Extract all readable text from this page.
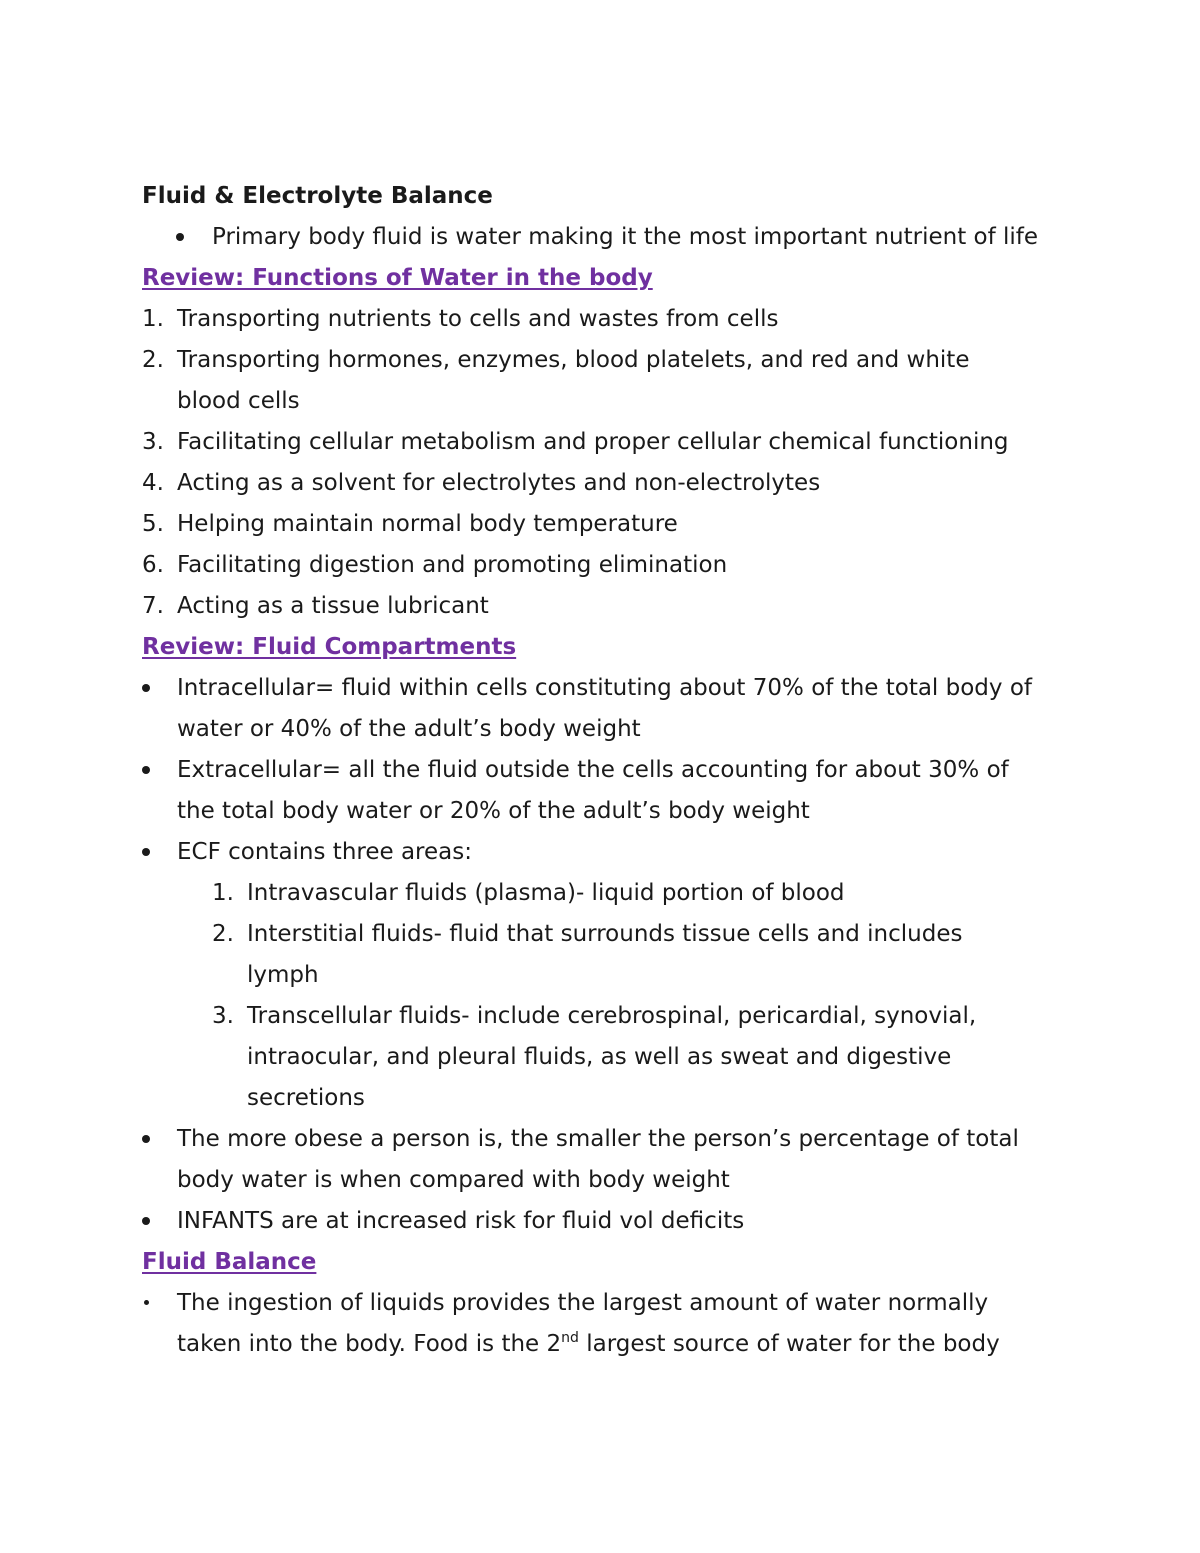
Fluid & Electrolyte Balance
Primary body fluid is water making it the most important nutrient of life
Review: Functions of Water in the body
1. Transporting nutrients to cells and wastes from cells
2. Transporting hormones, enzymes, blood platelets, and red and white
blood cells
3. Facilitating cellular metabolism and proper cellular chemical functioning
4. Acting as a solvent for electrolytes and non-electrolytes
5. Helping maintain normal body temperature
6. Facilitating digestion and promoting elimination
7. Acting as a tissue lubricant
Review: Fluid Compartments
Intracellular= fluid within cells constituting about 70% of the total body of
water or 40% of the adult’s body weight
Extracellular= all the fluid outside the cells accounting for about 30% of
the total body water or 20% of the adult’s body weight
ECF contains three areas:
1. Intravascular fluids (plasma)- liquid portion of blood
2. Interstitial fluids- fluid that surrounds tissue cells and includes
lymph
3. Transcellular fluids- include cerebrospinal, pericardial, synovial,
intraocular, and pleural fluids, as well as sweat and digestive
secretions
The more obese a person is, the smaller the person’s percentage of total
body water is when compared with body weight
INFANTS are at increased risk for fluid vol deficits
Fluid Balance
The ingestion of liquids provides the largest amount of water normally
taken into the body. Food is the 2nd largest source of water for the body
